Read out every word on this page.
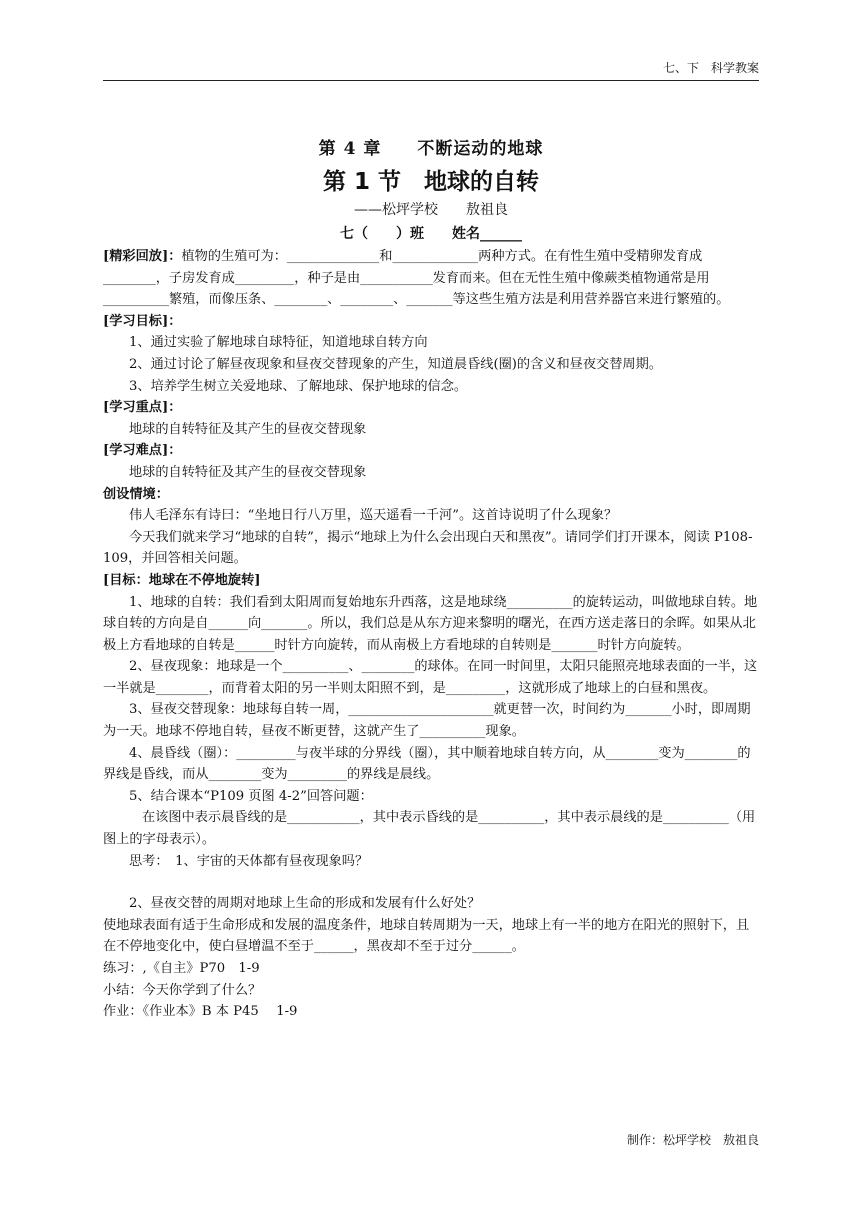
七、下　科学教案
第 4 章　　不断运动的地球
第 1 节　地球的自转
——松坪学校　　敖祖良
七（　　）班　　姓名______

[精彩回放]：植物的生殖可为：______________和_____________两种方式。在有性生殖中受精卵发育成________，子房发育成_________，种子是由___________发育而来。但在无性生殖中像蕨类植物通常是用__________繁殖，而像压条、________、________、_______等这些生殖方法是利用营养器官来进行繁殖的。

[学习目标]：

1、通过实验了解地球自球特征，知道地球自转方向

2、通过讨论了解昼夜现象和昼夜交替现象的产生，知道晨昏线(圈)的含义和昼夜交替周期。

3、培养学生树立关爱地球、了解地球、保护地球的信念。

[学习重点]：

地球的自转特征及其产生的昼夜交替现象

[学习难点]：

地球的自转特征及其产生的昼夜交替现象

创设情境：

伟人毛泽东有诗曰：“坐地日行八万里，巡天遥看一千河”。这首诗说明了什么现象？

今天我们就来学习“地球的自转”，揭示“地球上为什么会出现白天和黑夜”。请同学们打开课本，阅读 P108-109，并回答相关问题。

[目标：地球在不停地旋转]

1、地球的自转：我们看到太阳周而复始地东升西落，这是地球绕__________的旋转运动，叫做地球自转。地球自转的方向是自______向_______。所以，我们总是从东方迎来黎明的曙光，在西方送走落日的余晖。如果从北极上方看地球的自转是______时针方向旋转，而从南极上方看地球的自转则是_______时针方向旋转。

2、昼夜现象：地球是一个__________、________的球体。在同一时间里，太阳只能照亮地球表面的一半，这一半就是________，而背着太阳的另一半则太阳照不到，是_________，这就形成了地球上的白昼和黑夜。

3、昼夜交替现象：地球每自转一周，______________________就更替一次，时间约为_______小时，即周期为一天。地球不停地自转，昼夜不断更替，这就产生了__________现象。

4、晨昏线（圈）：_________与夜半球的分界线（圈），其中顺着地球自转方向，从________变为________的界线是昏线，而从________变为_________的界线是晨线。

5、结合课本“P109 页图 4-2”回答问题：

在该图中表示晨昏线的是___________，其中表示昏线的是__________，其中表示晨线的是__________（用图上的字母表示）。

思考：　1、宇宙的天体都有昼夜现象吗？

2、昼夜交替的周期对地球上生命的形成和发展有什么好处？

使地球表面有适于生命形成和发展的温度条件，地球自转周期为一天，地球上有一半的地方在阳光的照射下，且在不停地变化中，使白昼增温不至于______，黑夜却不至于过分______。

练习：,《自主》P70　1-9

小结：今天你学到了什么？

作业：《作业本》B 本 P45　 1-9

制作：松坪学校　敖祖良
